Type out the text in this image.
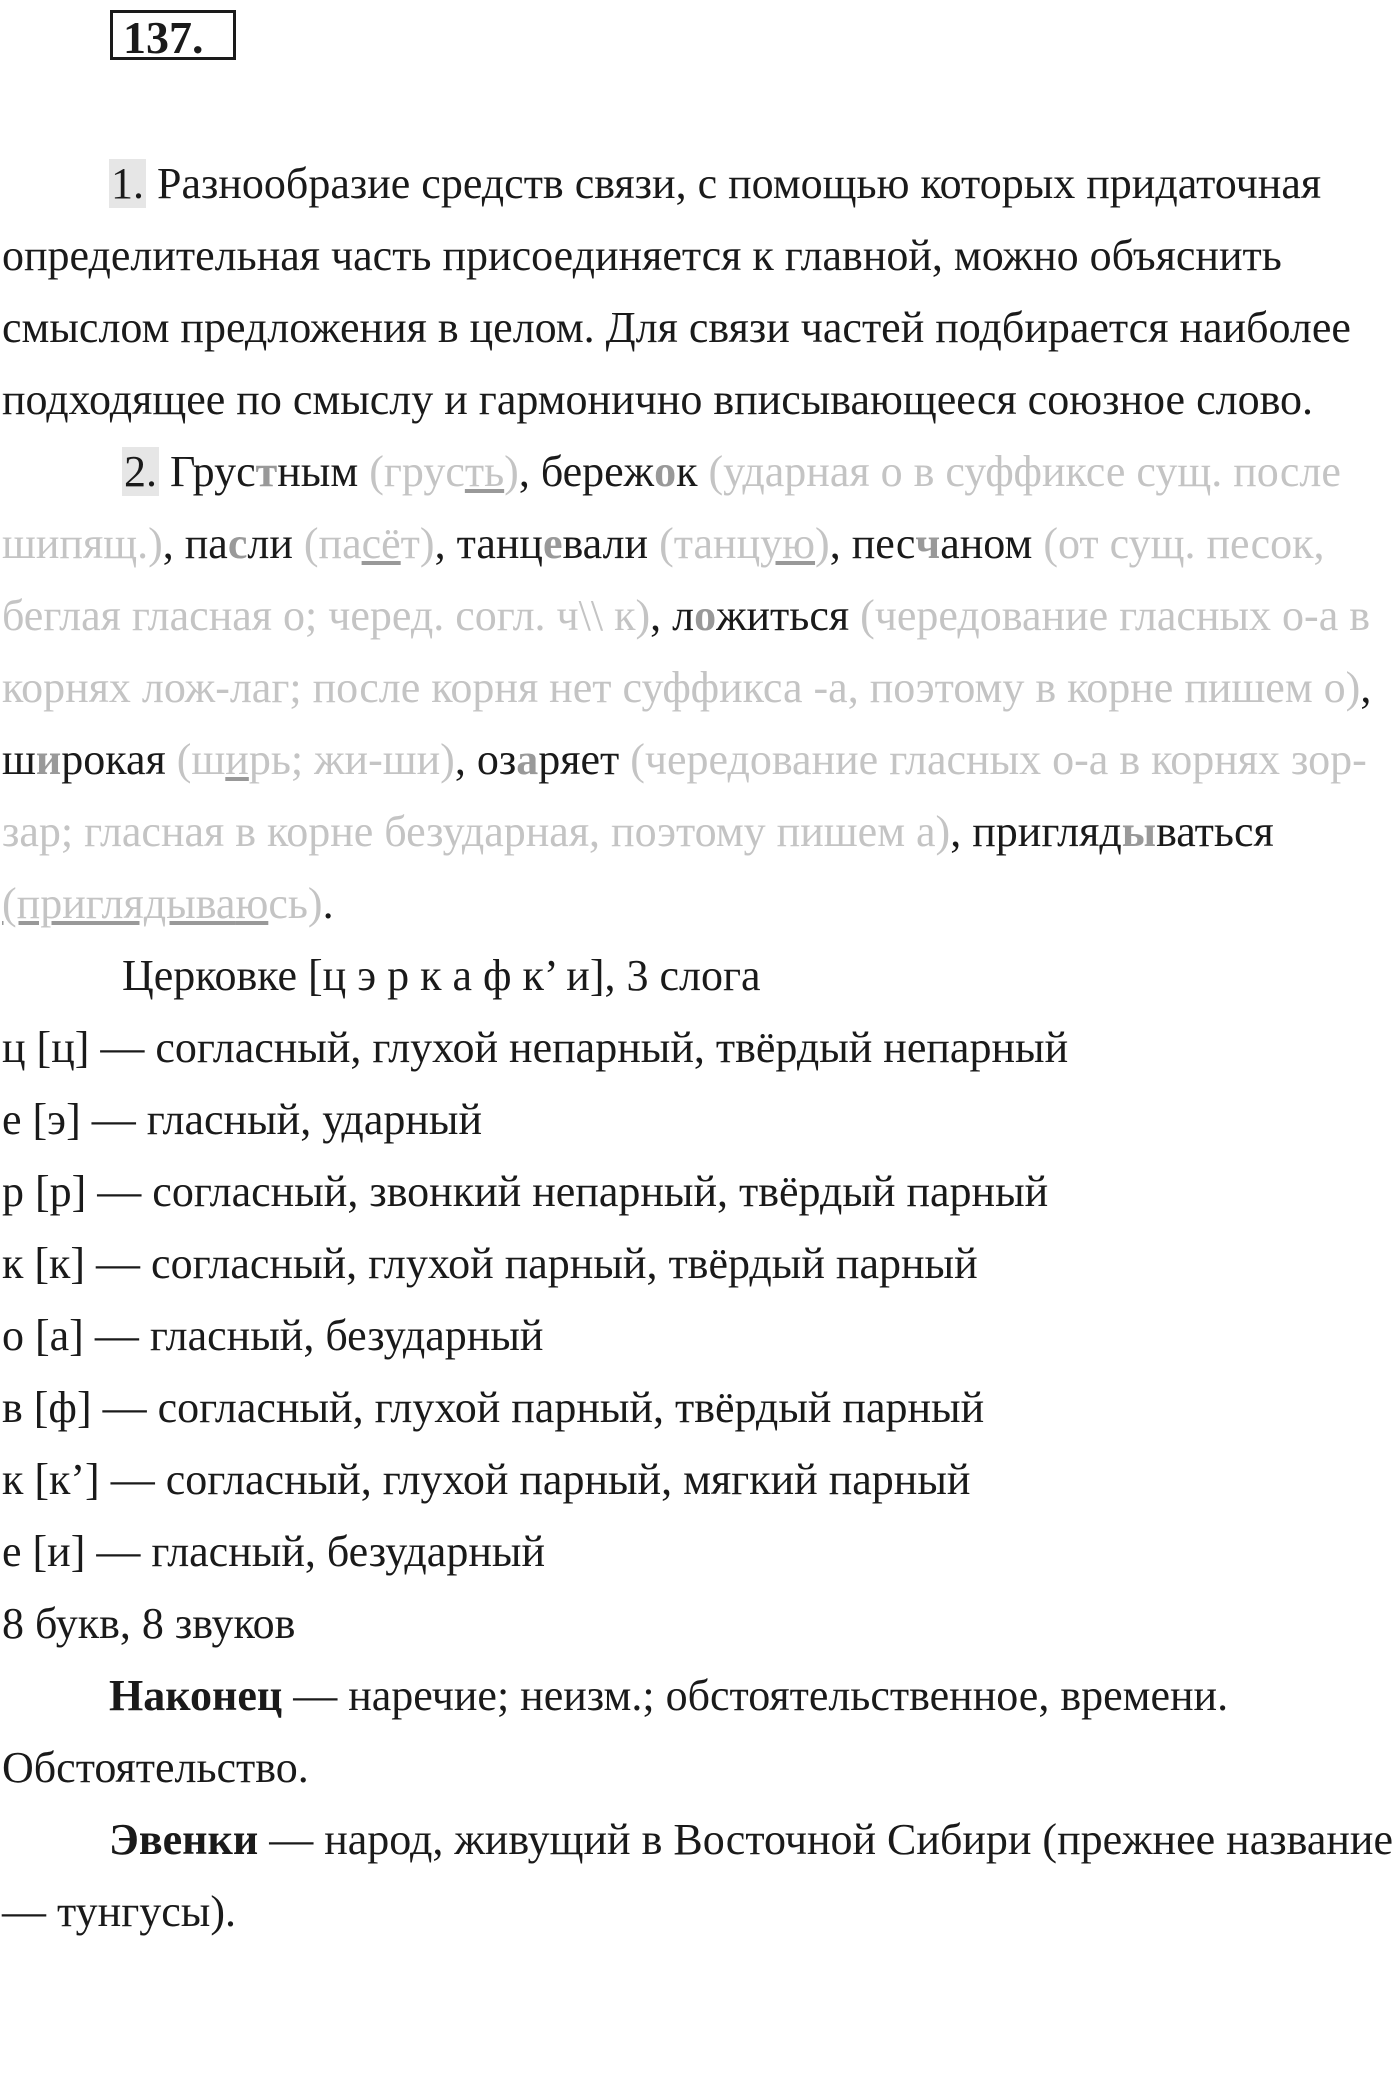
137.

1. Разнообразие средств связи, с помощью которых придаточная определительная часть присоединяется к главной, можно объяснить смыслом предложения в целом. Для связи частей подбирается наиболее подходящее по смыслу и гармонично вписывающееся союзное слово.

2. Грустным (грусть), бережок (ударная о в суффиксе сущ. после шипящ.), пасли (пасёт), танцевали (танцую), песчаном (от сущ. песок, беглая гласная о; черед. согл. ч\\ к), ложиться (чередование гласных о-а в корнях лож-лаг; после корня нет суффикса -а, поэтому в корне пишем о), широкая (ширь; жи-ши), озаряет (чередование гласных о-а в корнях зор-зар; гласная в корне безударная, поэтому пишем а), приглядываться (приглядываюсь).

Церковке [ц э р к а ф к’ и], 3 слога

ц [ц] — согласный, глухой непарный, твёрдый непарный

е [э] — гласный, ударный

р [р] — согласный, звонкий непарный, твёрдый парный

к [к] — согласный, глухой парный, твёрдый парный

о [а] — гласный, безударный

в [ф] — согласный, глухой парный, твёрдый парный

к [к’] — согласный, глухой парный, мягкий парный

е [и] — гласный, безударный

8 букв, 8 звуков

Наконец — наречие; неизм.; обстоятельственное, времени. Обстоятельство.

Эвенки — народ, живущий в Восточной Сибири (прежнее название — тунгусы).
